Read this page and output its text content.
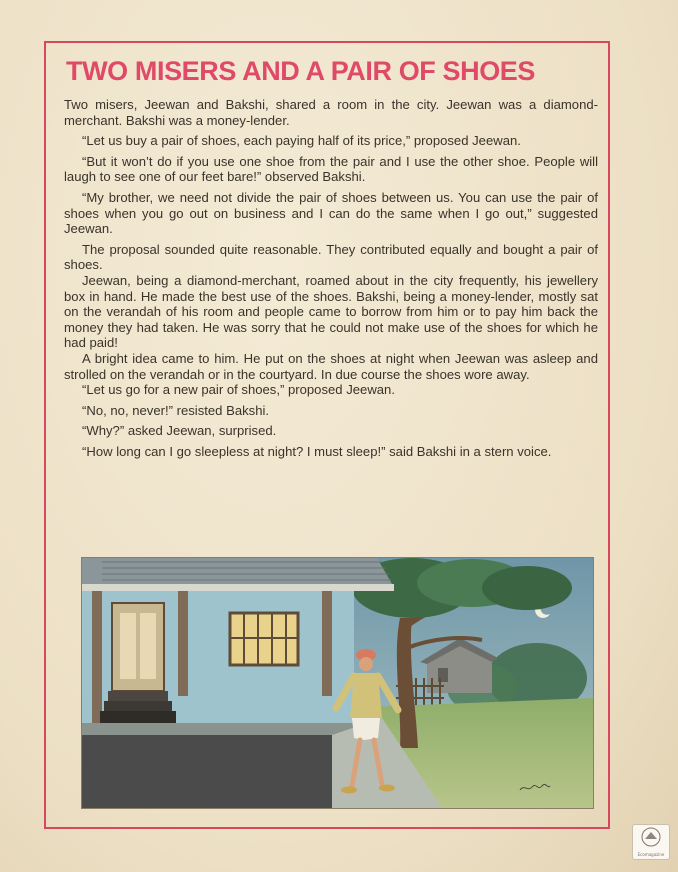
TWO MISERS AND A PAIR OF SHOES

Two misers, Jeewan and Bakshi, shared a room in the city. Jeewan was a diamond-merchant. Bakshi was a money-lender.

“Let us buy a pair of shoes, each paying half of its price,” proposed Jeewan.

“But it won’t do if you use one shoe from the pair and I use the other shoe. People will laugh to see one of our feet bare!” observed Bakshi.

“My brother, we need not divide the pair of shoes between us. You can use the pair of shoes when you go out on business and I can do the same when I go out,” suggested Jeewan.

The proposal sounded quite reasonable. They contributed equally and bought a pair of shoes.

Jeewan, being a diamond-merchant, roamed about in the city frequently, his jewellery box in hand. He made the best use of the shoes. Bakshi, being a money-lender, mostly sat on the verandah of his room and people came to borrow from him or to pay him back the money they had taken. He was sorry that he could not make use of the shoes for which he had paid!

A bright idea came to him. He put on the shoes at night when Jeewan was asleep and strolled on the verandah or in the courtyard. In due course the shoes wore away.

“Let us go for a new pair of shoes,” proposed Jeewan.

“No, no, never!” resisted Bakshi.

“Why?” asked Jeewan, surprised.

“How long can I go sleepless at night? I must sleep!” said Bakshi in a stern voice.

Ecomagazine
